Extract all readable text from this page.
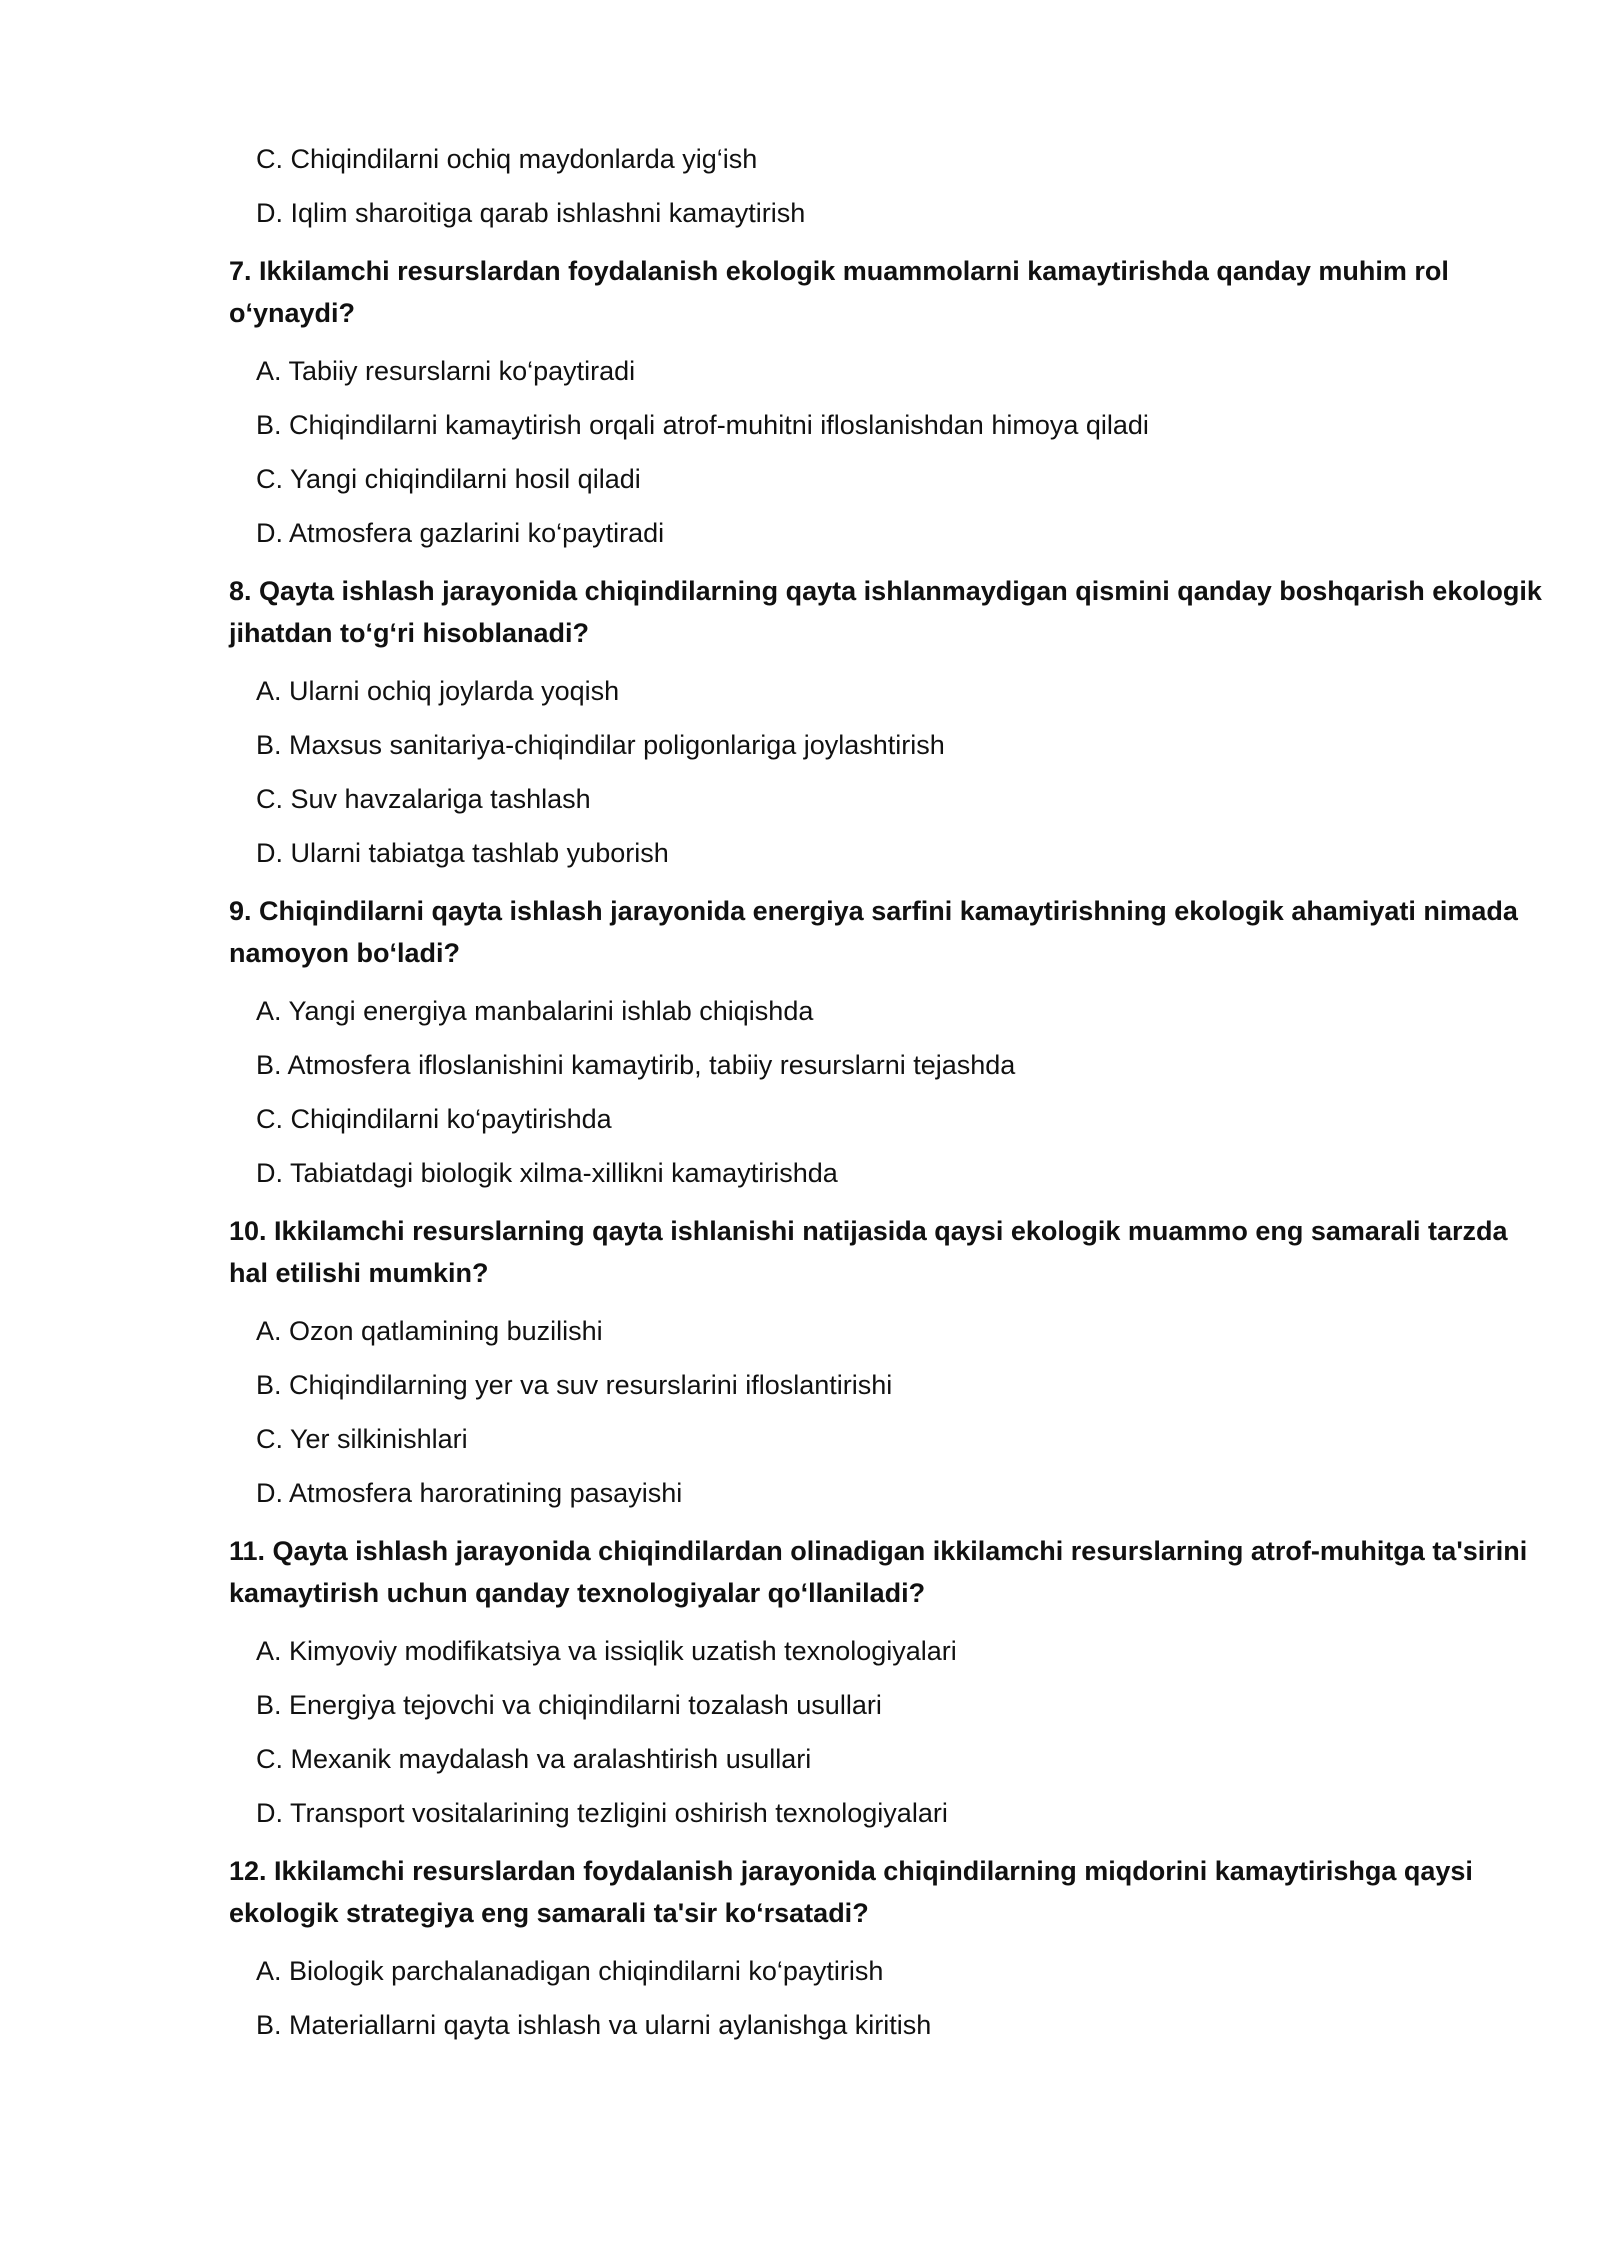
C. Chiqindilarni ochiq maydonlarda yig‘ish
D. Iqlim sharoitiga qarab ishlashni kamaytirish
7. Ikkilamchi resurslardan foydalanish ekologik muammolarni kamaytirishda qanday muhim rol
o‘ynaydi?
A. Tabiiy resurslarni ko‘paytiradi
B. Chiqindilarni kamaytirish orqali atrof-muhitni ifloslanishdan himoya qiladi
C. Yangi chiqindilarni hosil qiladi
D. Atmosfera gazlarini ko‘paytiradi
8. Qayta ishlash jarayonida chiqindilarning qayta ishlanmaydigan qismini qanday boshqarish ekologik
jihatdan to‘g‘ri hisoblanadi?
A. Ularni ochiq joylarda yoqish
B. Maxsus sanitariya-chiqindilar poligonlariga joylashtirish
C. Suv havzalariga tashlash
D. Ularni tabiatga tashlab yuborish
9. Chiqindilarni qayta ishlash jarayonida energiya sarfini kamaytirishning ekologik ahamiyati nimada
namoyon bo‘ladi?
A. Yangi energiya manbalarini ishlab chiqishda
B. Atmosfera ifloslanishini kamaytirib, tabiiy resurslarni tejashda
C. Chiqindilarni ko‘paytirishda
D. Tabiatdagi biologik xilma-xillikni kamaytirishda
10. Ikkilamchi resurslarning qayta ishlanishi natijasida qaysi ekologik muammo eng samarali tarzda
hal etilishi mumkin?
A. Ozon qatlamining buzilishi
B. Chiqindilarning yer va suv resurslarini ifloslantirishi
C. Yer silkinishlari
D. Atmosfera haroratining pasayishi
11. Qayta ishlash jarayonida chiqindilardan olinadigan ikkilamchi resurslarning atrof-muhitga ta'sirini
kamaytirish uchun qanday texnologiyalar qo‘llaniladi?
A. Kimyoviy modifikatsiya va issiqlik uzatish texnologiyalari
B. Energiya tejovchi va chiqindilarni tozalash usullari
C. Mexanik maydalash va aralashtirish usullari
D. Transport vositalarining tezligini oshirish texnologiyalari
12. Ikkilamchi resurslardan foydalanish jarayonida chiqindilarning miqdorini kamaytirishga qaysi
ekologik strategiya eng samarali ta'sir ko‘rsatadi?
A. Biologik parchalanadigan chiqindilarni ko‘paytirish
B. Materiallarni qayta ishlash va ularni aylanishga kiritish
